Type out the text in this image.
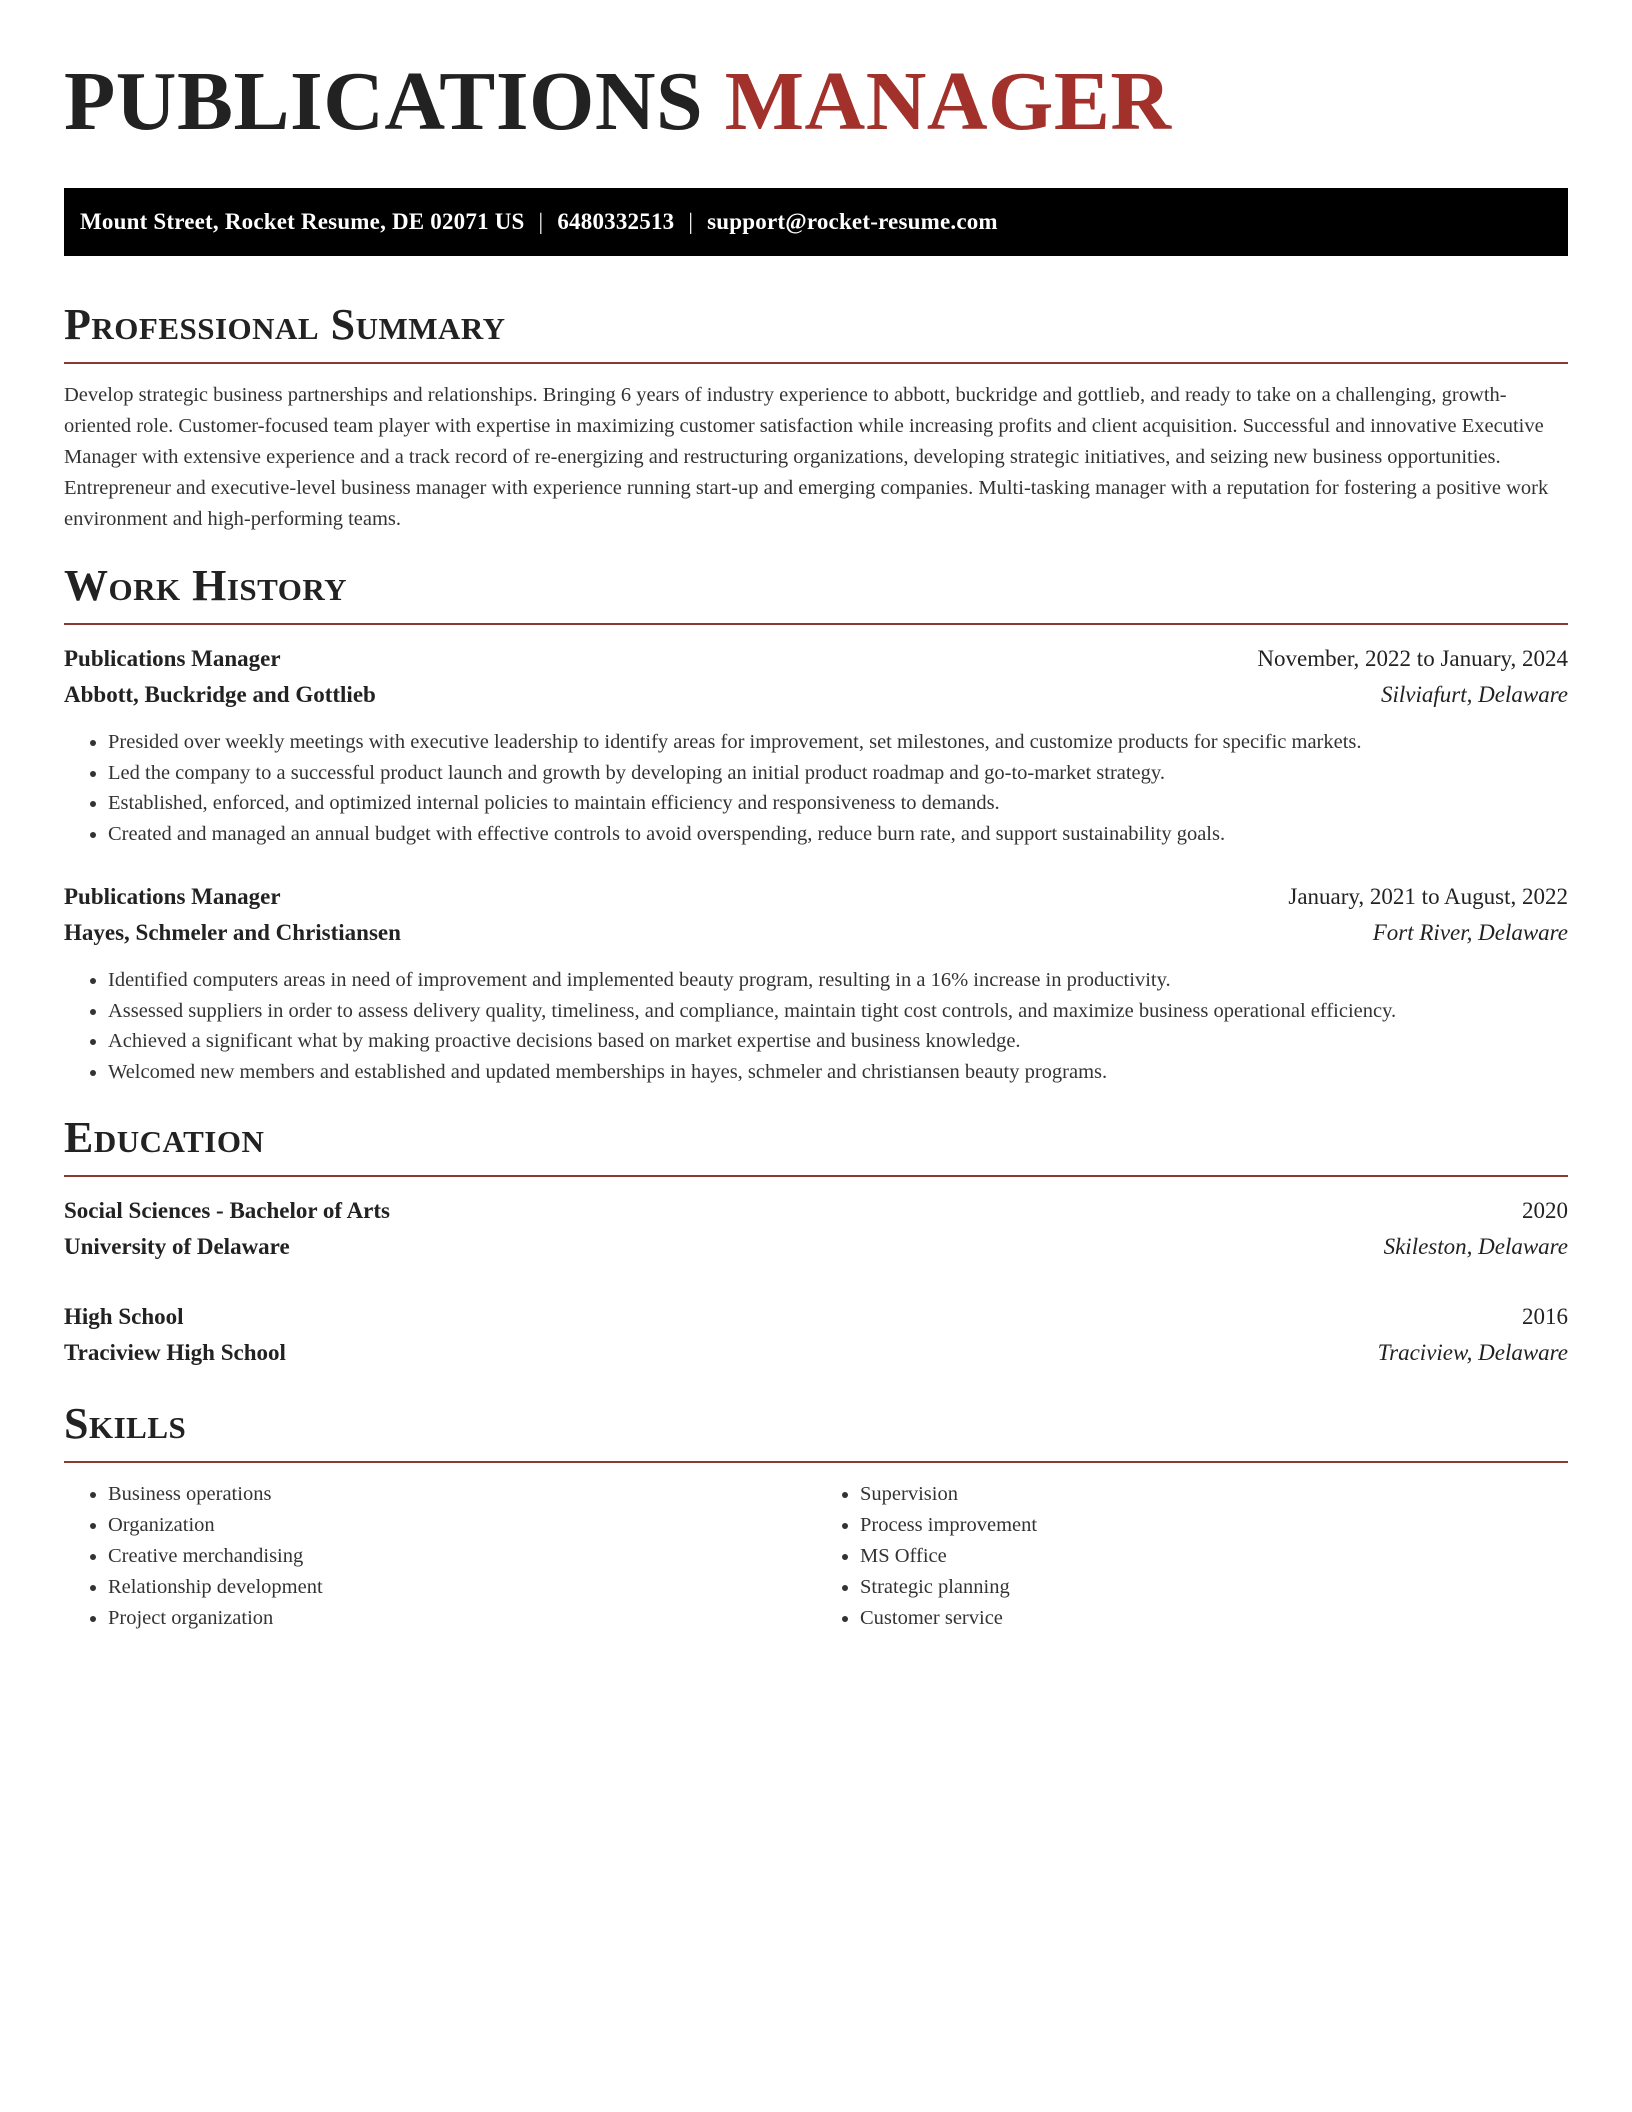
PUBLICATIONS MANAGER
Mount Street, Rocket Resume, DE 02071 US | 6480332513 | support@rocket-resume.com
Professional Summary

Develop strategic business partnerships and relationships. Bringing 6 years of industry experience to abbott, buckridge and gottlieb, and ready to take on a challenging, growth-oriented role. Customer-focused team player with expertise in maximizing customer satisfaction while increasing profits and client acquisition. Successful and innovative Executive Manager with extensive experience and a track record of re-energizing and restructuring organizations, developing strategic initiatives, and seizing new business opportunities. Entrepreneur and executive-level business manager with experience running start-up and emerging companies. Multi-tasking manager with a reputation for fostering a positive work environment and high-performing teams.

Work History
Publications Manager	November, 2022 to January, 2024
Abbott, Buckridge and Gottlieb	Silviafurt, Delaware
• Presided over weekly meetings with executive leadership to identify areas for improvement, set milestones, and customize products for specific markets.
• Led the company to a successful product launch and growth by developing an initial product roadmap and go-to-market strategy.
• Established, enforced, and optimized internal policies to maintain efficiency and responsiveness to demands.
• Created and managed an annual budget with effective controls to avoid overspending, reduce burn rate, and support sustainability goals.
Publications Manager	January, 2021 to August, 2022
Hayes, Schmeler and Christiansen	Fort River, Delaware
• Identified computers areas in need of improvement and implemented beauty program, resulting in a 16% increase in productivity.
• Assessed suppliers in order to assess delivery quality, timeliness, and compliance, maintain tight cost controls, and maximize business operational efficiency.
• Achieved a significant what by making proactive decisions based on market expertise and business knowledge.
• Welcomed new members and established and updated memberships in hayes, schmeler and christiansen beauty programs.
Education
Social Sciences - Bachelor of Arts	2020
University of Delaware	Skileston, Delaware
High School	2016
Traciview High School	Traciview, Delaware
Skills
• Business operations
• Organization
• Creative merchandising
• Relationship development
• Project organization
• Supervision
• Process improvement
• MS Office
• Strategic planning
• Customer service
